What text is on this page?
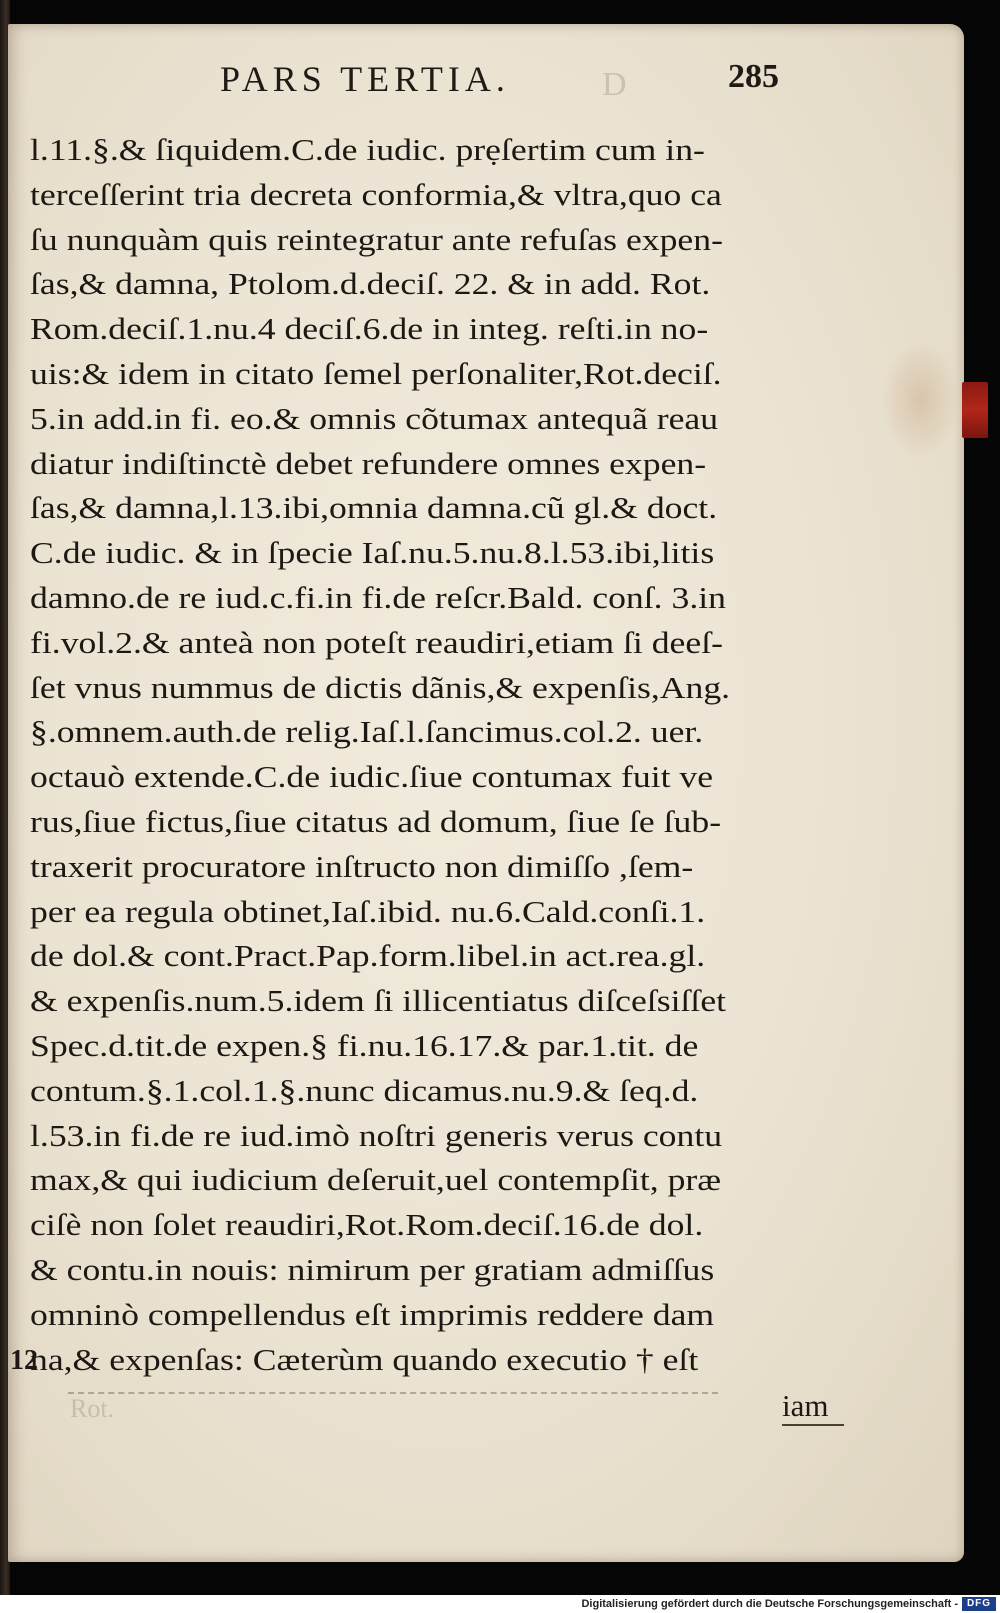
D
Rot.
PARS TERTIA.	285
l.11.§.& ſiquidem.C.de iudic. prẹſertim cum in-
terceſſerint tria decreta conformia,& vltra,quo ca
ſu nunquàm quis reintegratur ante refuſas expen-
ſas,& damna, Ptolom.d.deciſ. 22. & in add. Rot.
Rom.deciſ.1.nu.4 deciſ.6.de in integ. reſti.in no-
uis:& idem in citato ſemel perſonaliter,Rot.deciſ.
5.in add.in fi. eo.& omnis cõtumax antequã reau
diatur indiſtinctè debet refundere omnes expen-
ſas,& damna,l.13.ibi,omnia damna.cũ gl.& doct.
C.de iudic. & in ſpecie Iaſ.nu.5.nu.8.l.53.ibi,litis
damno.de re iud.c.fi.in fi.de reſcr.Bald. conſ. 3.in
fi.vol.2.& anteà non poteſt reaudiri,etiam ſi deeſ-
ſet vnus nummus de dictis dãnis,& expenſis,Ang.
§.omnem.auth.de relig.Iaſ.l.ſancimus.col.2. uer.
octauò extende.C.de iudic.ſiue contumax fuit ve
rus,ſiue fictus,ſiue citatus ad domum, ſiue ſe ſub-
traxerit procuratore inſtructo non dimiſſo ,ſem-
per ea regula obtinet,Iaſ.ibid. nu.6.Cald.conſi.1.
de dol.& cont.Pract.Pap.form.libel.in act.rea.gl.
& expenſis.num.5.idem ſi illicentiatus diſceſsiſſet
Spec.d.tit.de expen.§ fi.nu.16.17.& par.1.tit. de
contum.§.1.col.1.§.nunc dicamus.nu.9.& ſeq.d.
l.53.in fi.de re iud.imò noſtri generis verus contu
max,& qui iudicium deſeruit,uel contempſit, præ
ciſè non ſolet reaudiri,Rot.Rom.deciſ.16.de dol.
& contu.in nouis: nimirum per gratiam admiſſus
omninò compellendus eſt imprimis reddere dam
na,& expenſas: Cæterùm quando executio † eſt
12
iam
Digitalisierung gefördert durch die Deutsche Forschungsgemeinschaft - DFG
